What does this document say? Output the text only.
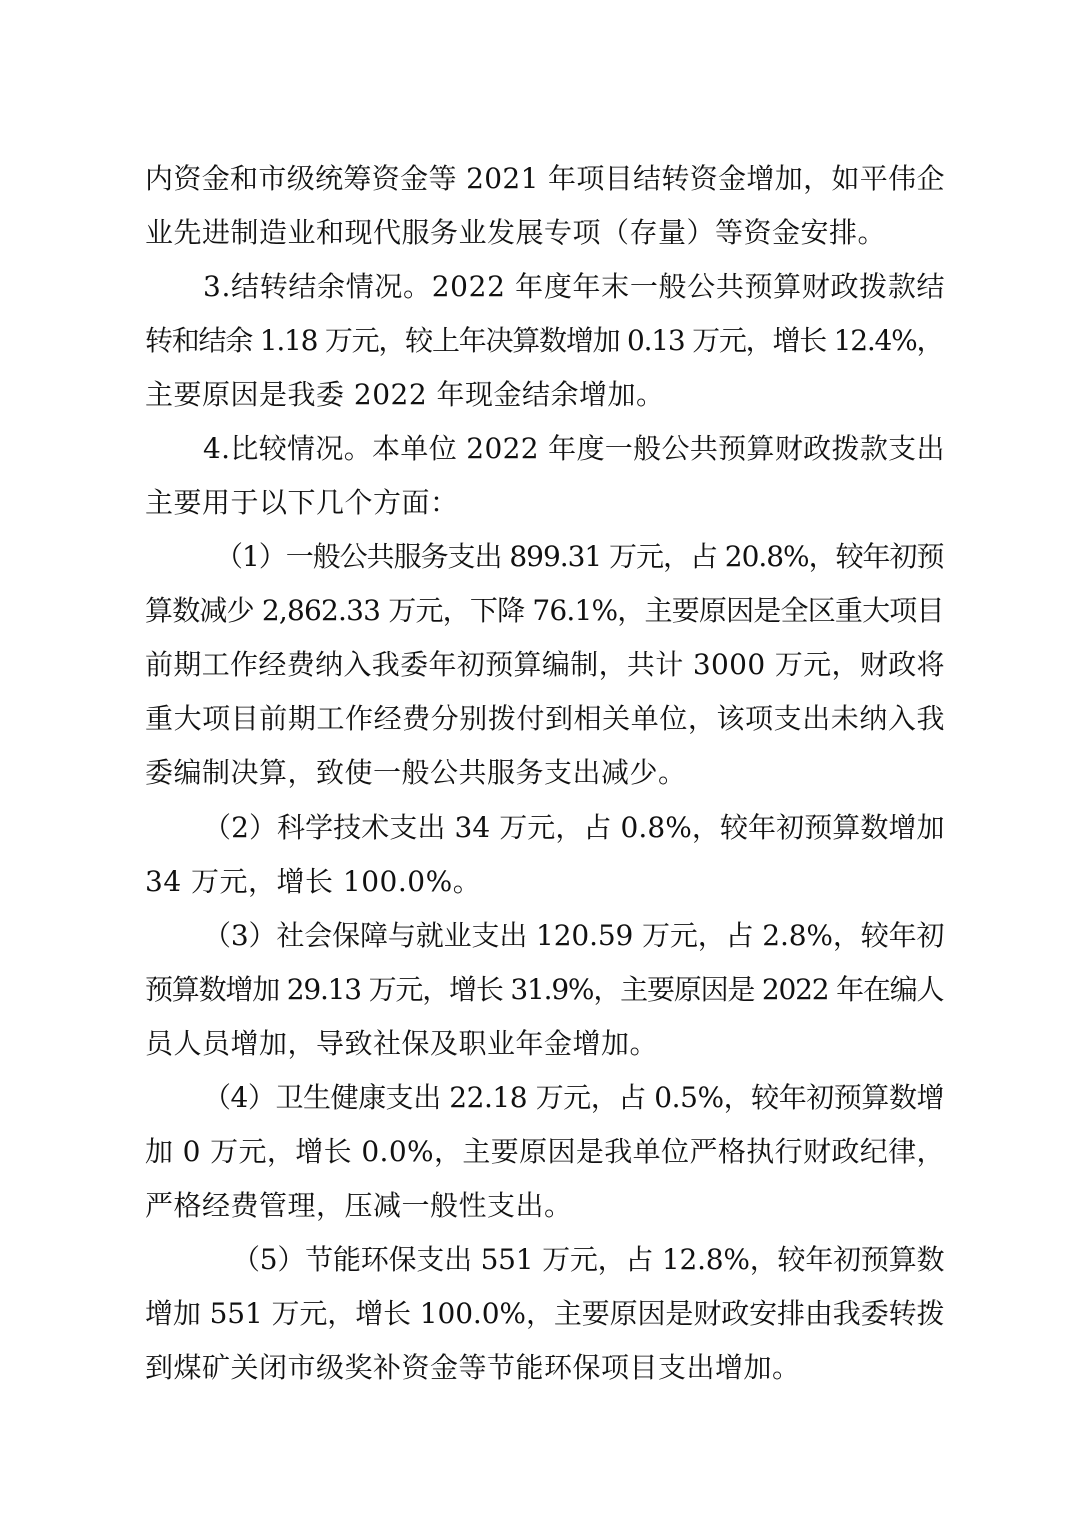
内资金和市级统筹资金等 2021 年项目结转资金增加，如平伟企
业先进制造业和现代服务业发展专项（存量）等资金安排。
3.结转结余情况。2022 年度年末一般公共预算财政拨款结
转和结余 1.18 万元，较上年决算数增加 0.13 万元，增长 12.4%，
主要原因是我委 2022 年现金结余增加。
4.比较情况。本单位 2022 年度一般公共预算财政拨款支出
主要用于以下几个方面：
（1）一般公共服务支出 899.31 万元，占 20.8%，较年初预
算数减少 2,862.33 万元，下降 76.1%，主要原因是全区重大项目
前期工作经费纳入我委年初预算编制，共计 3000 万元，财政将
重大项目前期工作经费分别拨付到相关单位，该项支出未纳入我
委编制决算，致使一般公共服务支出减少。
（2）科学技术支出 34 万元，占 0.8%，较年初预算数增加
34 万元，增长 100.0%。
（3）社会保障与就业支出 120.59 万元，占 2.8%，较年初
预算数增加 29.13 万元，增长 31.9%，主要原因是 2022 年在编人
员人员增加，导致社保及职业年金增加。
（4）卫生健康支出 22.18 万元，占 0.5%，较年初预算数增
加 0 万元，增长 0.0%，主要原因是我单位严格执行财政纪律，
严格经费管理，压减一般性支出。
（5）节能环保支出 551 万元，占 12.8%，较年初预算数
增加 551 万元，增长 100.0%，主要原因是财政安排由我委转拨
到煤矿关闭市级奖补资金等节能环保项目支出增加。
